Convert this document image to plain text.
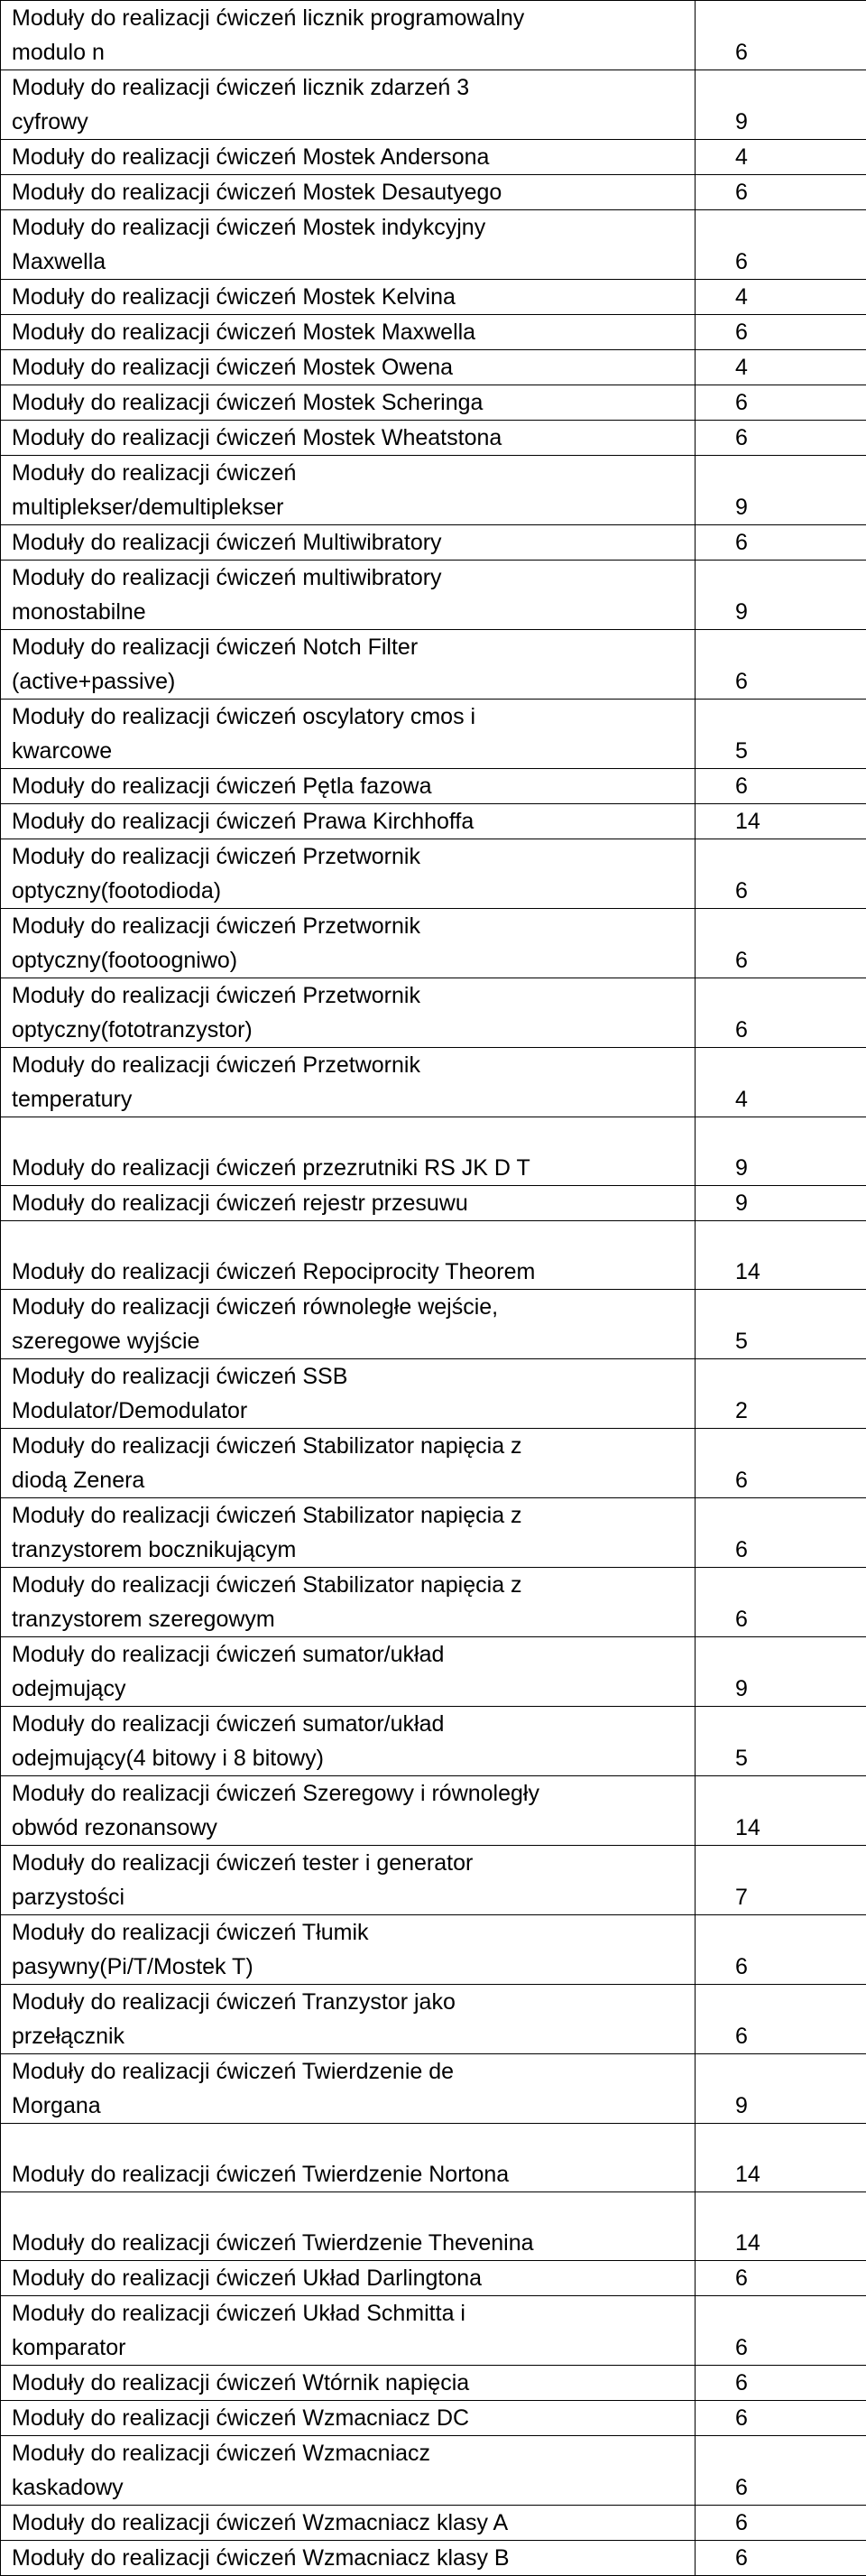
Moduły do realizacji ćwiczeń licznik programowalny
modulo n	6
Moduły do realizacji ćwiczeń licznik zdarzeń 3
cyfrowy	9
Moduły do realizacji ćwiczeń Mostek Andersona	4
Moduły do realizacji ćwiczeń Mostek Desautyego	6
Moduły do realizacji ćwiczeń Mostek indykcyjny
Maxwella	6
Moduły do realizacji ćwiczeń Mostek Kelvina	4
Moduły do realizacji ćwiczeń Mostek Maxwella	6
Moduły do realizacji ćwiczeń Mostek Owena	4
Moduły do realizacji ćwiczeń Mostek Scheringa	6
Moduły do realizacji ćwiczeń Mostek Wheatstona	6
Moduły do realizacji ćwiczeń
multiplekser/demultiplekser	9
Moduły do realizacji ćwiczeń Multiwibratory	6
Moduły do realizacji ćwiczeń multiwibratory
monostabilne	9
Moduły do realizacji ćwiczeń Notch Filter
(active+passive)	6
Moduły do realizacji ćwiczeń oscylatory cmos i
kwarcowe	5
Moduły do realizacji ćwiczeń Pętla fazowa	6
Moduły do realizacji ćwiczeń Prawa Kirchhoffa	14
Moduły do realizacji ćwiczeń Przetwornik
optyczny(footodioda)	6
Moduły do realizacji ćwiczeń Przetwornik
optyczny(footoogniwo)	6
Moduły do realizacji ćwiczeń Przetwornik
optyczny(fototranzystor)	6
Moduły do realizacji ćwiczeń Przetwornik
temperatury	4
Moduły do realizacji ćwiczeń przezrutniki RS JK D T	9
Moduły do realizacji ćwiczeń rejestr przesuwu	9
Moduły do realizacji ćwiczeń Repociprocity Theorem	14
Moduły do realizacji ćwiczeń równoległe wejście,
szeregowe wyjście	5
Moduły do realizacji ćwiczeń SSB
Modulator/Demodulator	2
Moduły do realizacji ćwiczeń Stabilizator napięcia z
diodą Zenera	6
Moduły do realizacji ćwiczeń Stabilizator napięcia z
tranzystorem bocznikującym	6
Moduły do realizacji ćwiczeń Stabilizator napięcia z
tranzystorem szeregowym	6
Moduły do realizacji ćwiczeń sumator/układ
odejmujący	9
Moduły do realizacji ćwiczeń sumator/układ
odejmujący(4 bitowy i 8 bitowy)	5
Moduły do realizacji ćwiczeń Szeregowy i równoległy
obwód rezonansowy	14
Moduły do realizacji ćwiczeń tester i generator
parzystości	7
Moduły do realizacji ćwiczeń Tłumik
pasywny(Pi/T/Mostek T)	6
Moduły do realizacji ćwiczeń Tranzystor jako
przełącznik	6
Moduły do realizacji ćwiczeń Twierdzenie de
Morgana	9
Moduły do realizacji ćwiczeń Twierdzenie Nortona	14
Moduły do realizacji ćwiczeń Twierdzenie Thevenina	14
Moduły do realizacji ćwiczeń Układ Darlingtona	6
Moduły do realizacji ćwiczeń Układ Schmitta i
komparator	6
Moduły do realizacji ćwiczeń Wtórnik napięcia	6
Moduły do realizacji ćwiczeń Wzmacniacz DC	6
Moduły do realizacji ćwiczeń Wzmacniacz
kaskadowy	6
Moduły do realizacji ćwiczeń Wzmacniacz klasy A	6
Moduły do realizacji ćwiczeń Wzmacniacz klasy B	6
